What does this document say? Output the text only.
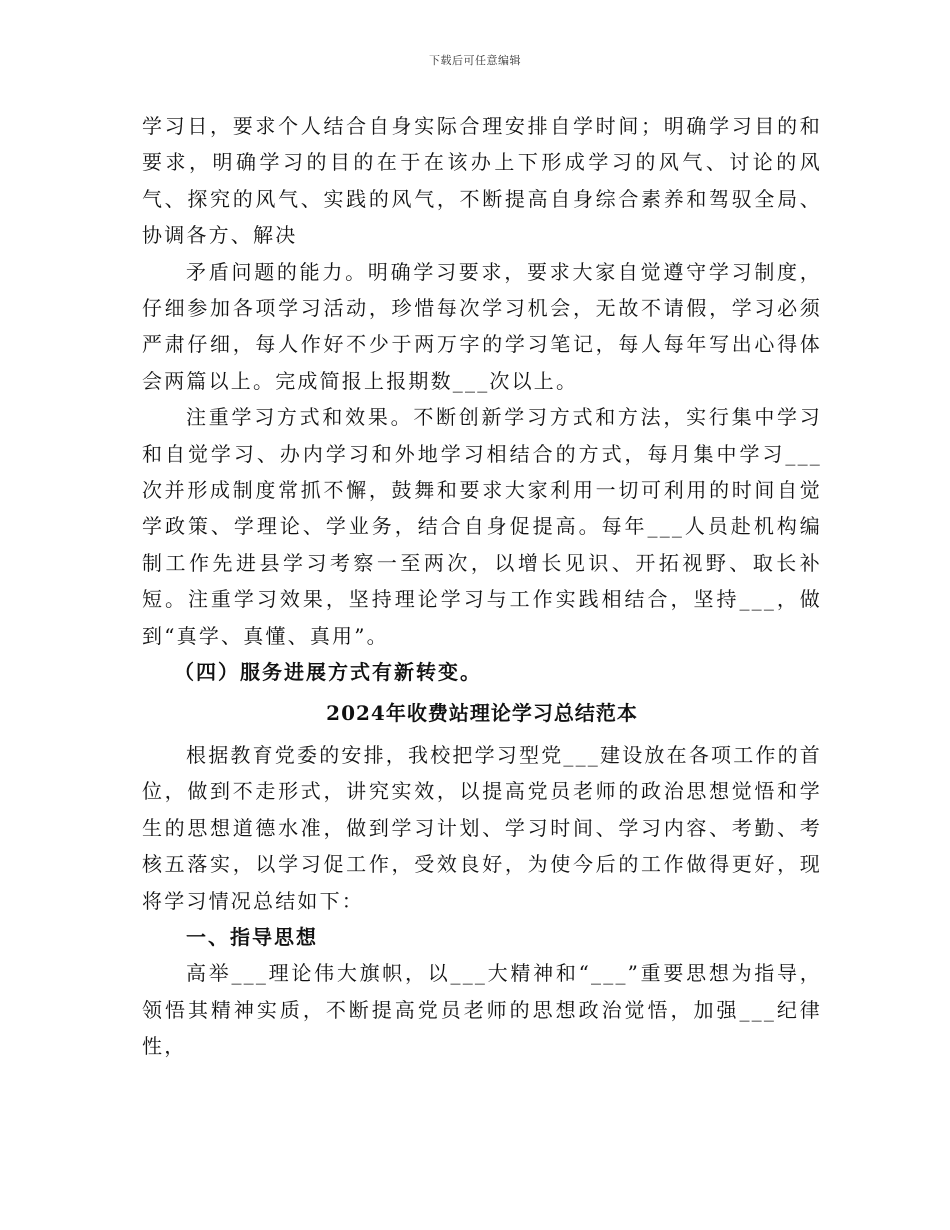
下载后可任意编辑

学习日，要求个人结合自身实际合理安排自学时间；明确学习目的和要求，明确学习的目的在于在该办上下形成学习的风气、讨论的风气、探究的风气、实践的风气，不断提高自身综合素养和驾驭全局、协调各方、解决

矛盾问题的能力。明确学习要求，要求大家自觉遵守学习制度，仔细参加各项学习活动，珍惜每次学习机会，无故不请假，学习必须严肃仔细，每人作好不少于两万字的学习笔记，每人每年写出心得体会两篇以上。完成简报上报期数___次以上。

注重学习方式和效果。不断创新学习方式和方法，实行集中学习和自觉学习、办内学习和外地学习相结合的方式，每月集中学习___次并形成制度常抓不懈，鼓舞和要求大家利用一切可利用的时间自觉学政策、学理论、学业务，结合自身促提高。每年___人员赴机构编制工作先进县学习考察一至两次，以增长见识、开拓视野、取长补短。注重学习效果，坚持理论学习与工作实践相结合，坚持___，做到“真学、真懂、真用”。

（四）服务进展方式有新转变。

2024年收费站理论学习总结范本

根据教育党委的安排，我校把学习型党___建设放在各项工作的首位，做到不走形式，讲究实效，以提高党员老师的政治思想觉悟和学生的思想道德水准，做到学习计划、学习时间、学习内容、考勤、考核五落实，以学习促工作，受效良好，为使今后的工作做得更好，现将学习情况总结如下：

一、指导思想

高举___理论伟大旗帜，以___大精神和“___”重要思想为指导，领悟其精神实质，不断提高党员老师的思想政治觉悟，加强___纪律性，
